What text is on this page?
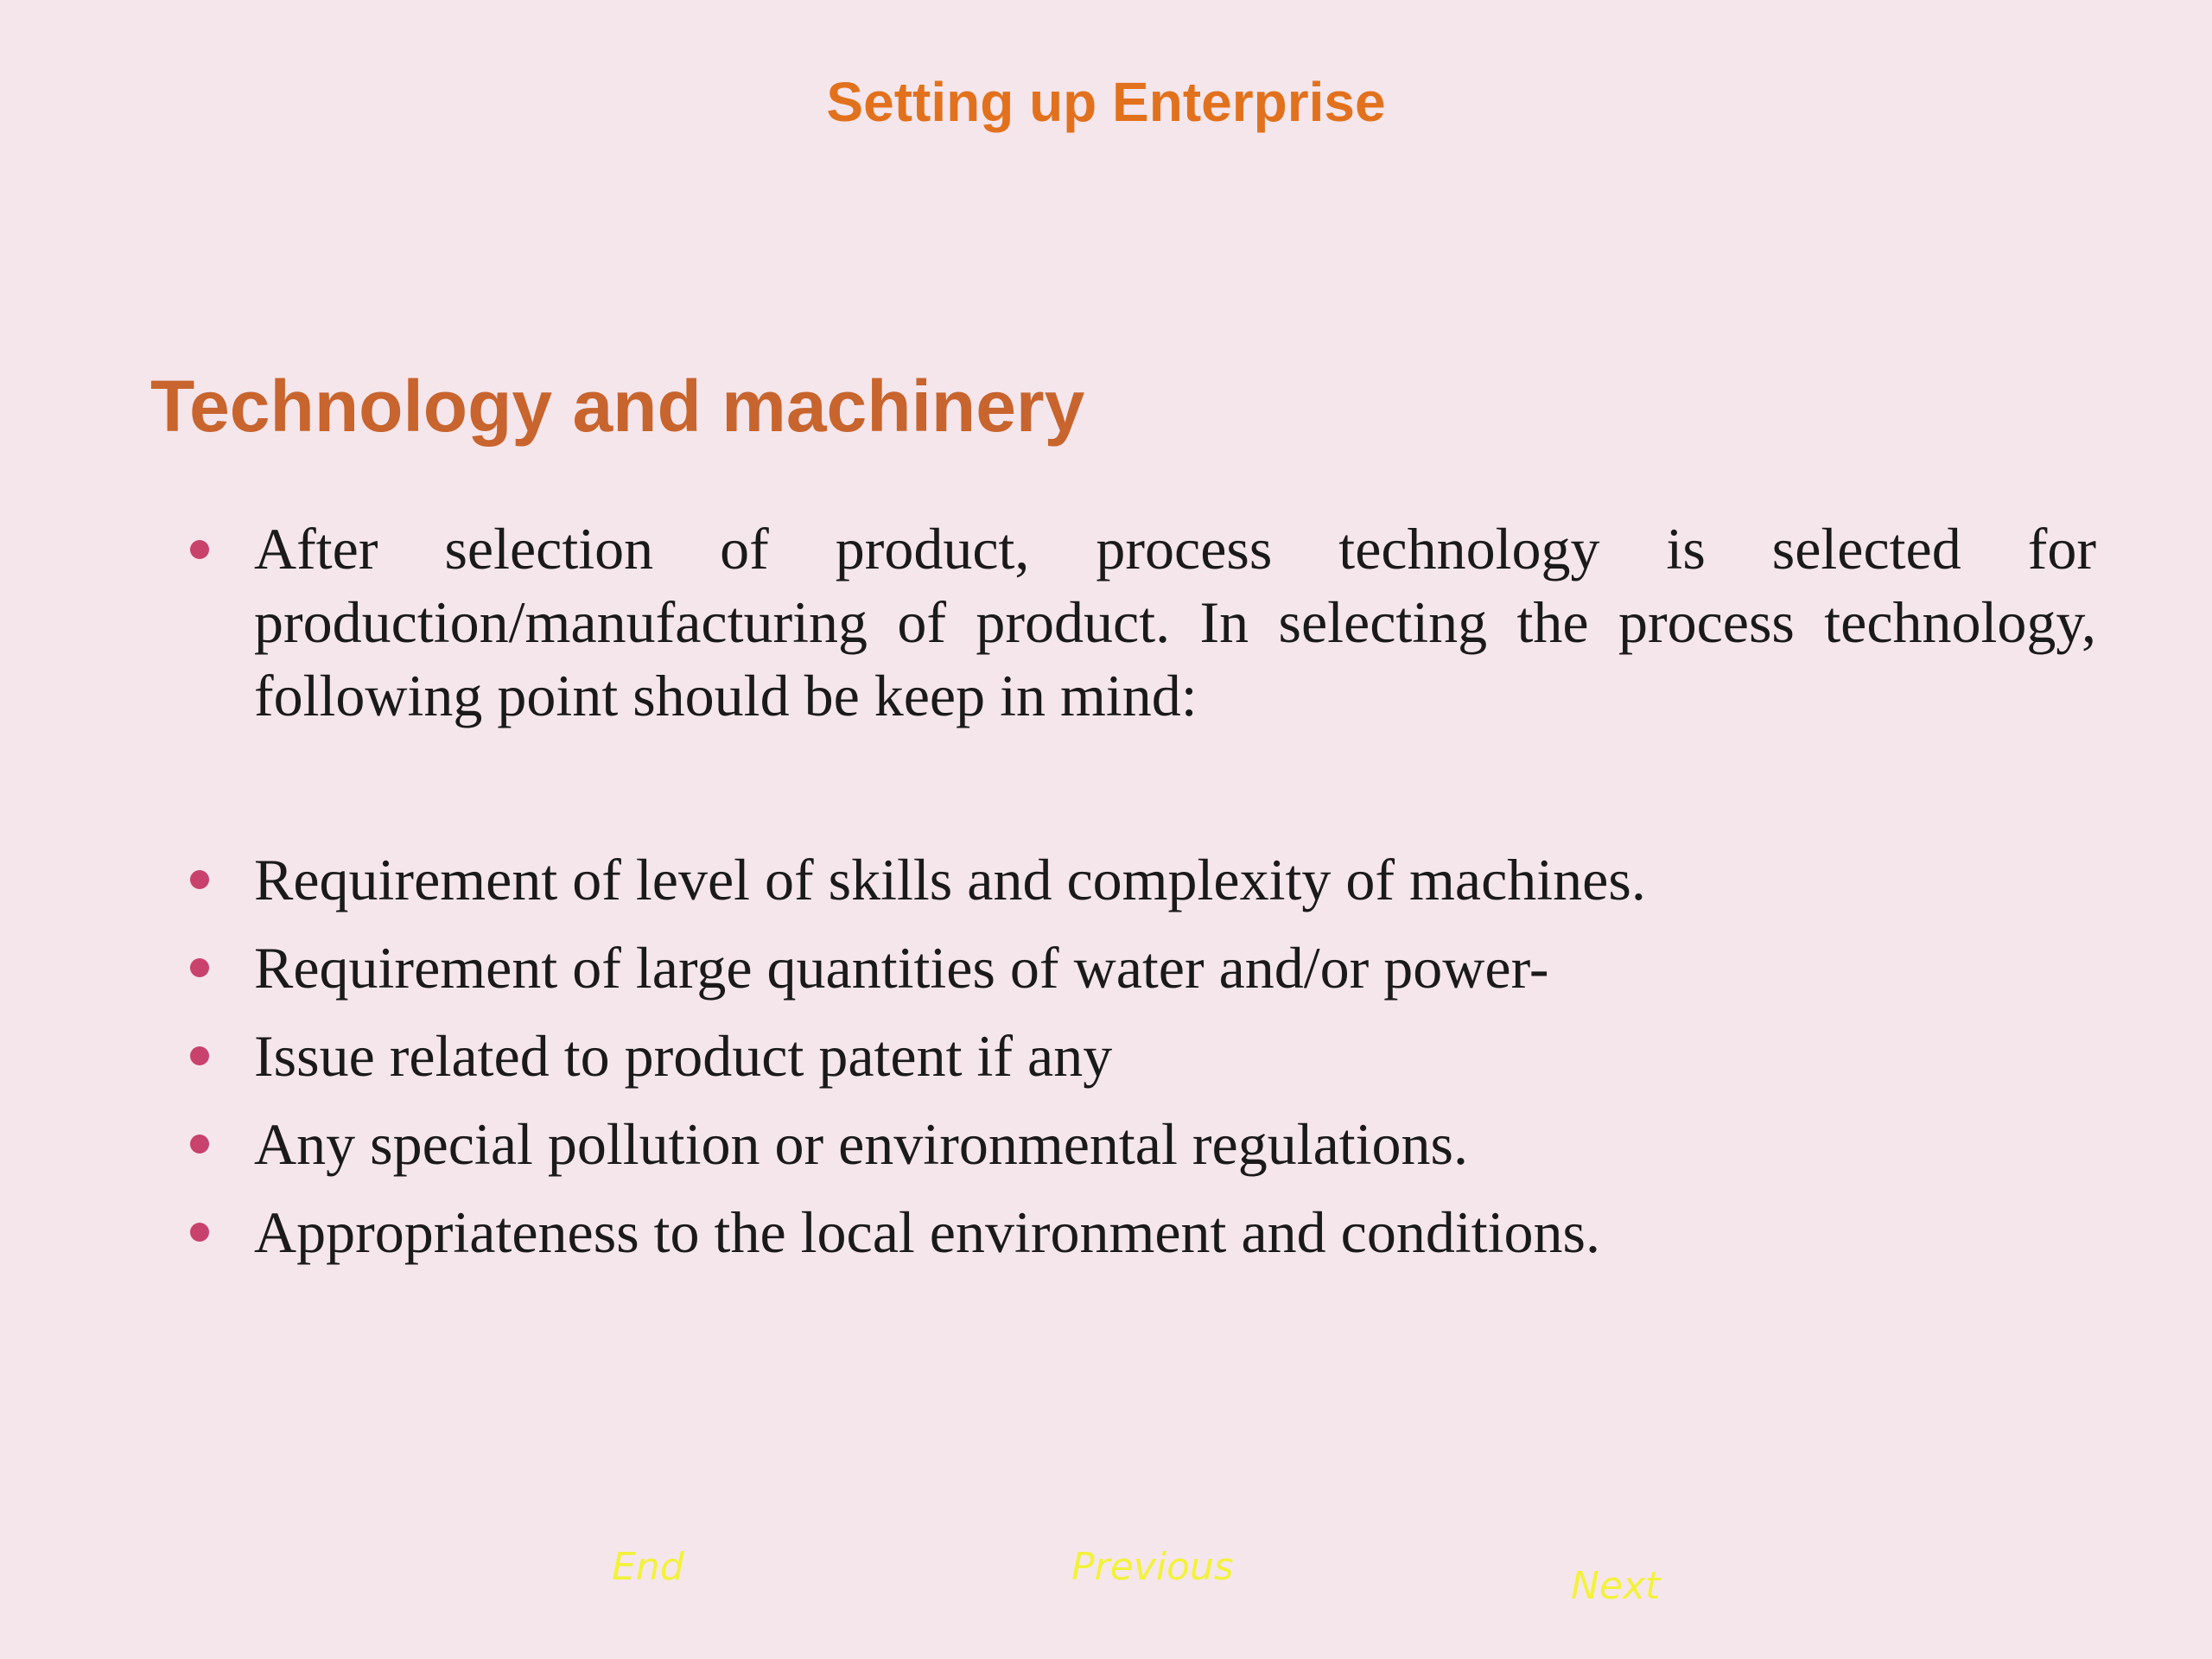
Setting up Enterprise
Technology and machinery
After selection of product, process technology is selected for production/manufacturing of product. In selecting the process technology, following point should be keep in mind:
Requirement of level of skills and complexity of machines.
Requirement of large quantities of water and/or power-
Issue related to product patent if any
Any special pollution or environmental regulations.
Appropriateness to the local environment and conditions.
End	Previous	Next
